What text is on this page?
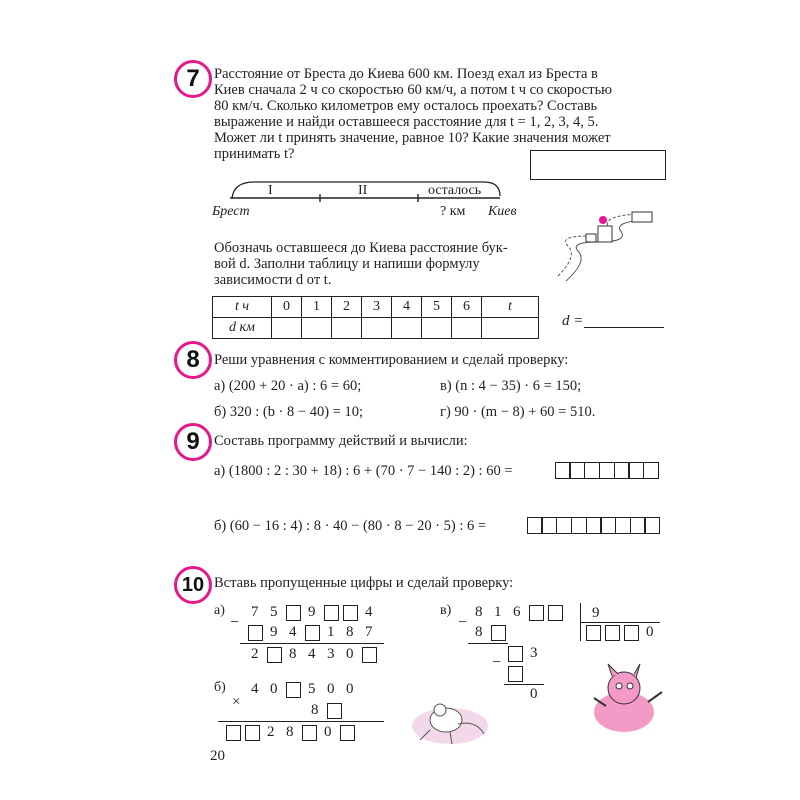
20
7 Расстояние от Бреста до Киева 600 км. Поезд ехал из Бреста в
Киев сначала 2 ч со скоростью 60 км/ч, а потом t ч со скоростью
80 км/ч. Сколько километров ему осталось проехать? Составь
выражение и найди оставшееся расстояние для t = 1, 2, 3, 4, 5.
Может ли t принять значение, равное 10? Какие значения может
принимать t?
I	II	осталось
Брест	? км Киев
Обозначь оставшееся до Киева расстояние бук-
вой d. Заполни таблицу и напиши формулу
зависимости d от t.
t ч	0	1	2	3	4	5	6	t
d км									d =
8 Реши уравнения с комментированием и сделай проверку:
а) (200 + 20 · a) : 6 = 60;
б) 320 : (b · 8 − 40) = 10;
в) (n : 4 − 35) · 6 = 150;
г) 90 · (m − 8) + 60 = 510.
9 Составь программу действий и вычисли:
а) (1800 : 2 : 30 + 18) : 6 + (70 · 7 − 140 : 2) : 60 =
б) (60 − 16 : 4) : 8 · 40 − (80 · 8 − 20 · 5) : 6 =
10 Вставь пропущенные цифры и сделай проверку:
а)
−
б)
×
в)
−
9
−
0
7 5 9	4
9 4 1 8 7
2 8 4 3 0
4 0 5 0 0
8
2 8 0
8 1 6
0
8
3
